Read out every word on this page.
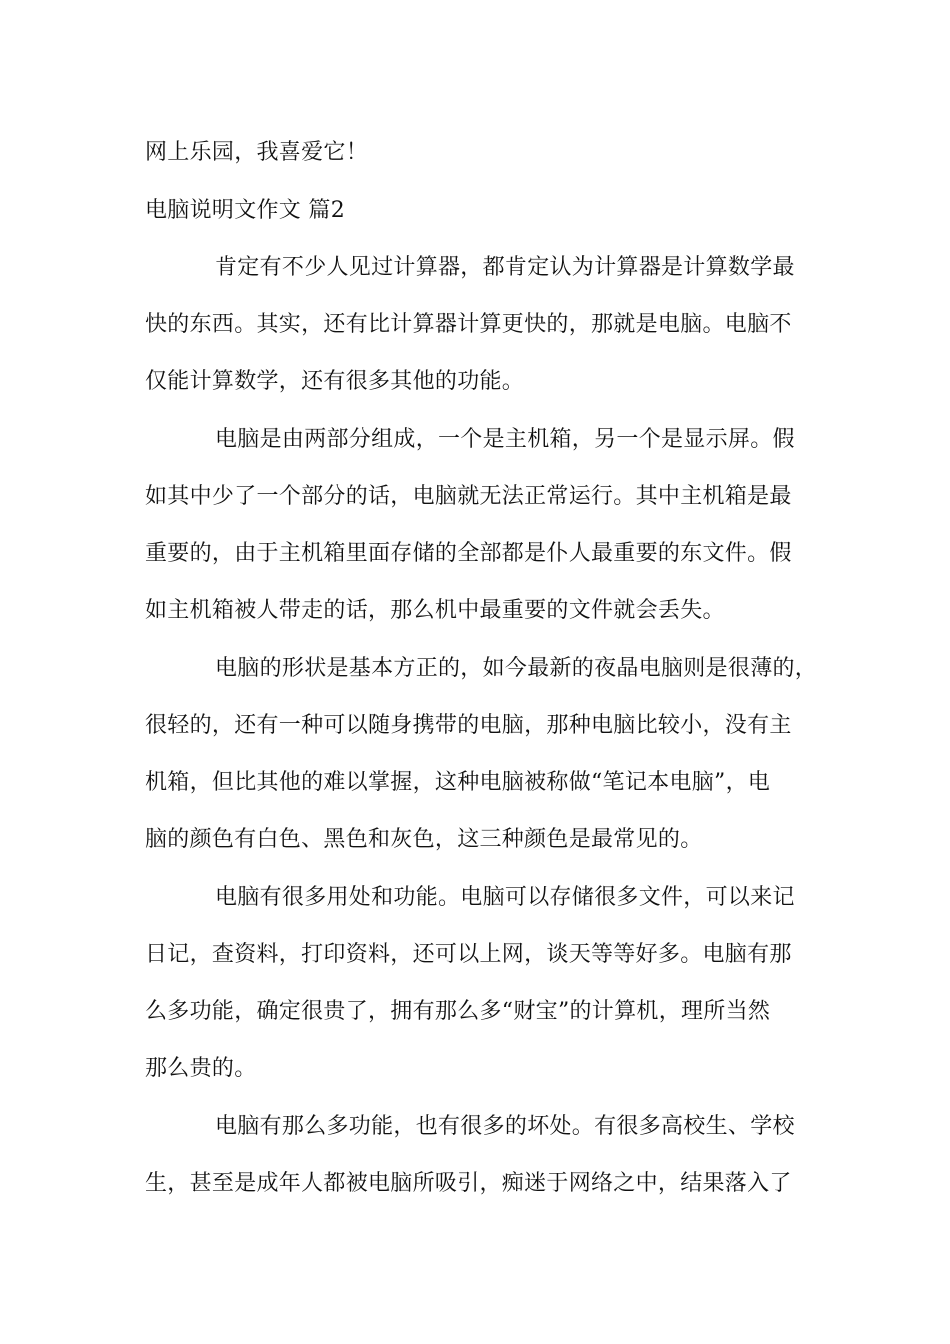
网上乐园，我喜爱它！
电脑说明文作文 篇2
肯定有不少人见过计算器，都肯定认为计算器是计算数学最
快的东西。其实，还有比计算器计算更快的，那就是电脑。电脑不
仅能计算数学，还有很多其他的功能。
电脑是由两部分组成，一个是主机箱，另一个是显示屏。假
如其中少了一个部分的话，电脑就无法正常运行。其中主机箱是最
重要的，由于主机箱里面存储的全部都是仆人最重要的东文件。假
如主机箱被人带走的话，那么机中最重要的文件就会丢失。
电脑的形状是基本方正的，如今最新的夜晶电脑则是很薄的，
很轻的，还有一种可以随身携带的电脑，那种电脑比较小，没有主
机箱，但比其他的难以掌握，这种电脑被称做“笔记本电脑”，电
脑的颜色有白色、黑色和灰色，这三种颜色是最常见的。
电脑有很多用处和功能。电脑可以存储很多文件，可以来记
日记，查资料，打印资料，还可以上网，谈天等等好多。电脑有那
么多功能，确定很贵了，拥有那么多“财宝”的计算机，理所当然
那么贵的。
电脑有那么多功能，也有很多的坏处。有很多高校生、学校
生，甚至是成年人都被电脑所吸引，痴迷于网络之中，结果落入了
